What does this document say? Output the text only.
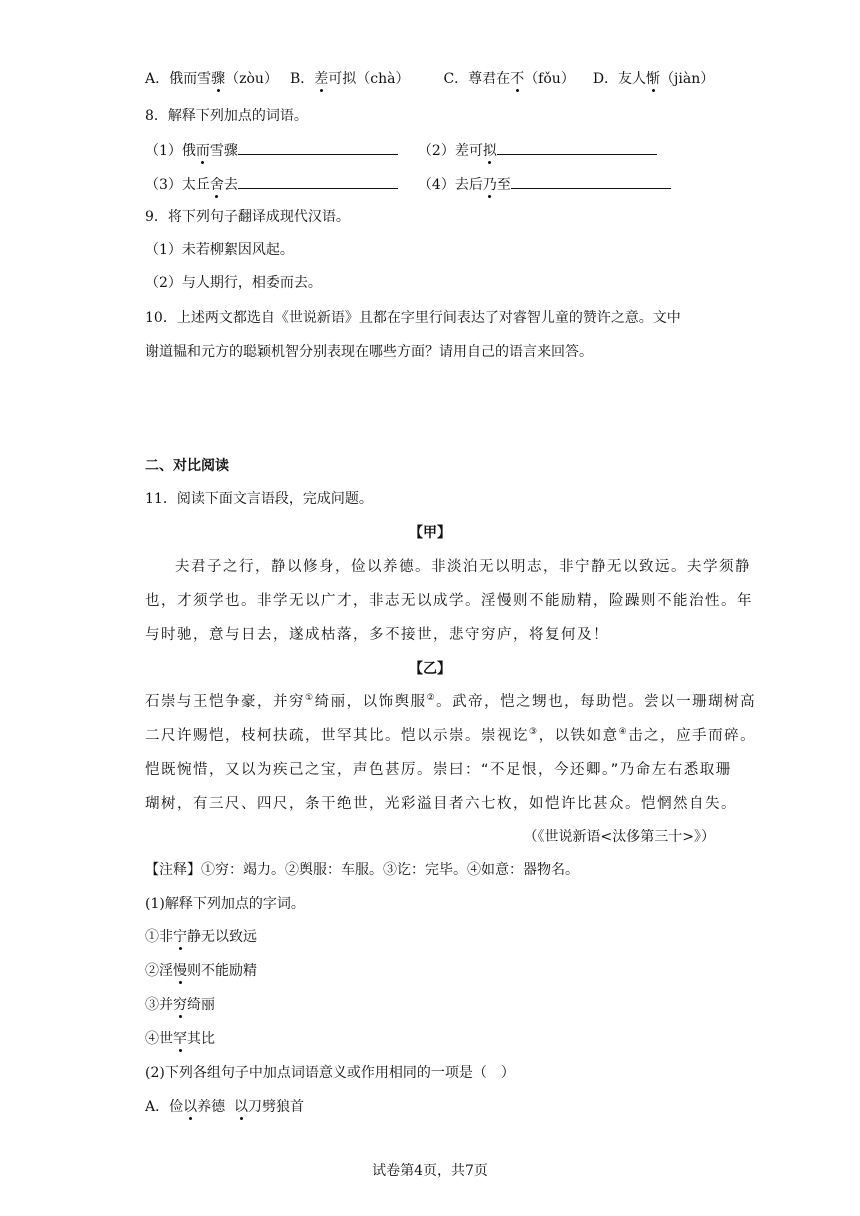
A．俄而雪骤（zòu） B．差可拟（chà） C．尊君在不（fǒu） D．友人惭（jiàn）
8．解释下列加点的词语。
（1）俄而雪骤	（2）差可拟
（3）太丘舍去	（4）去后乃至
9．将下列句子翻译成现代汉语。
（1）未若柳絮因风起。
（2）与人期行，相委而去。
10．上述两文都选自《世说新语》且都在字里行间表达了对睿智儿童的赞许之意。文中
谢道韫和元方的聪颖机智分别表现在哪些方面？请用自己的语言来回答。
二、对比阅读
11．阅读下面文言语段，完成问题。
【甲】
夫君子之行，静以修身，俭以养德。非淡泊无以明志，非宁静无以致远。夫学须静
也，才须学也。非学无以广才，非志无以成学。淫慢则不能励精，险躁则不能治性。年
与时驰，意与日去，遂成枯落，多不接世，悲守穷庐，将复何及！
【乙】
石崇与王恺争豪，并穷①绮丽，以饰舆服②。武帝，恺之甥也，每助恺。尝以一珊瑚树高
二尺许赐恺，枝柯扶疏，世罕其比。恺以示崇。崇视讫③，以铁如意④击之，应手而碎。
恺既惋惜，又以为疾己之宝，声色甚厉。崇曰：“不足恨，今还卿。”乃命左右悉取珊
瑚树，有三尺、四尺，条干绝世，光彩溢目者六七枚，如恺许比甚众。恺惘然自失。
（《世说新语<汰侈第三十>》）
【注释】①穷：竭力。②舆服：车服。③讫：完毕。④如意：器物名。
(1)解释下列加点的字词。
①非宁静无以致远
②淫慢则不能励精
③并穷绮丽
④世罕其比
(2)下列各组句子中加点词语意义或作用相同的一项是（　）
A．俭以养德  以刀劈狼首
试卷第4页，共7页
